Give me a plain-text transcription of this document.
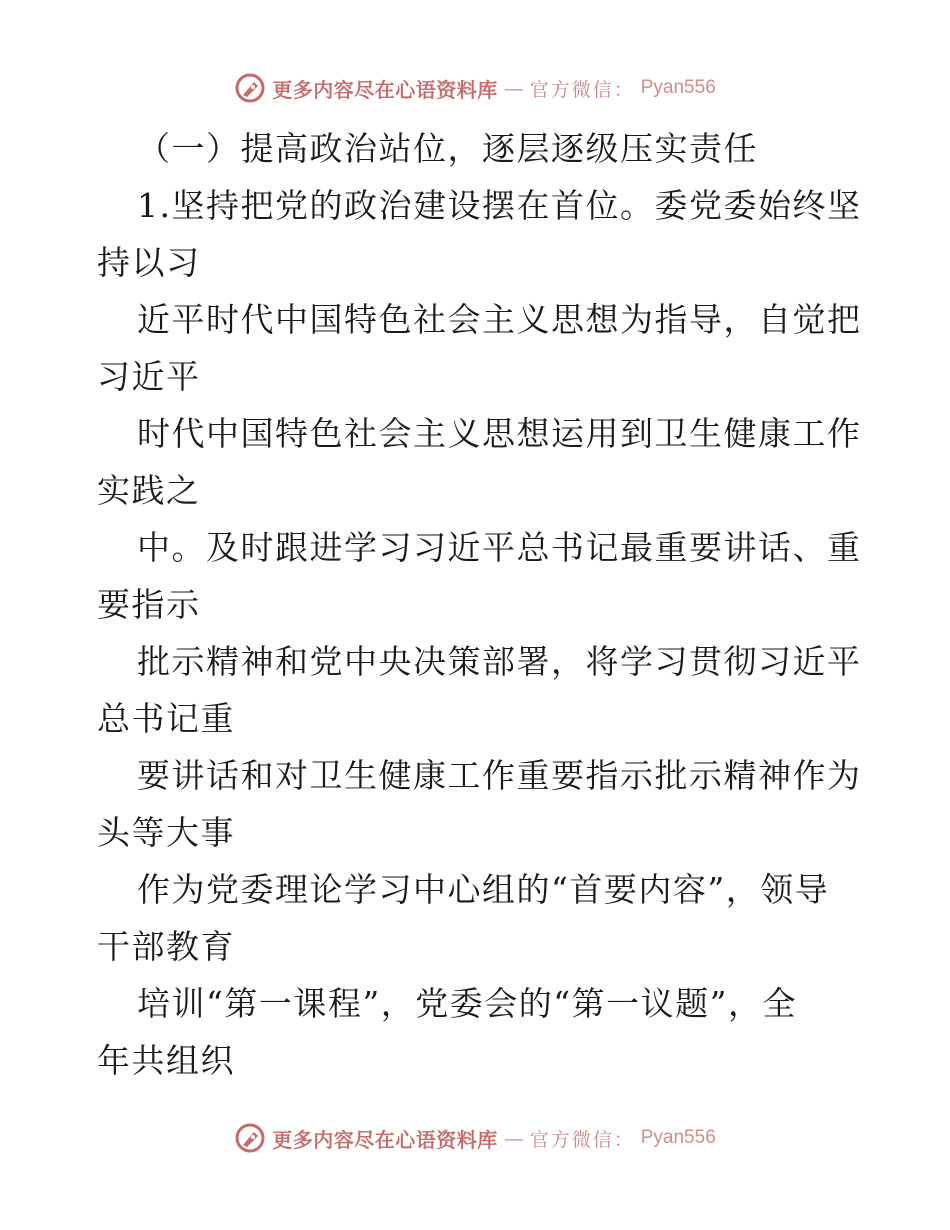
更多内容尽在心语资料库 — 官方微信： Pyan556
（一）提高政治站位，逐层逐级压实责任
1.坚持把党的政治建设摆在首位。委党委始终坚
持以习
近平时代中国特色社会主义思想为指导，自觉把
习近平
时代中国特色社会主义思想运用到卫生健康工作
实践之
中。及时跟进学习习近平总书记最重要讲话、重
要指示
批示精神和党中央决策部署，将学习贯彻习近平
总书记重
要讲话和对卫生健康工作重要指示批示精神作为
头等大事
作为党委理论学习中心组的“首要内容”，领导
干部教育
培训“第一课程”，党委会的“第一议题”，全
年共组织
更多内容尽在心语资料库 — 官方微信： Pyan556
